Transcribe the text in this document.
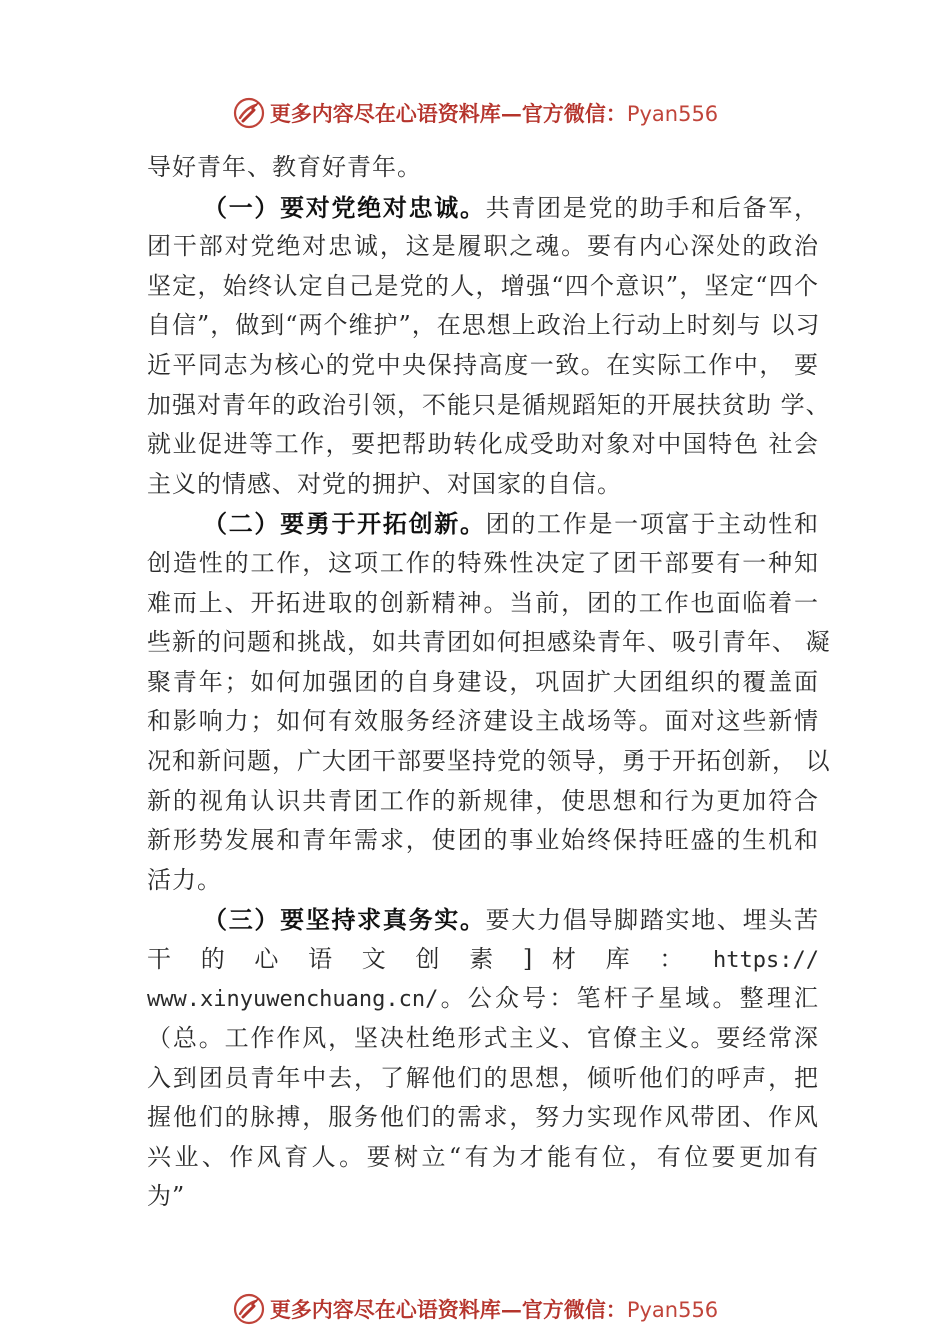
更多内容尽在心语资料库—官方微信：Pyan556
导好青年、教育好青年。
（一）要对党绝对忠诚。共青团是党的助手和后备军，
团干部对党绝对忠诚，这是履职之魂。要有内心深处的政治
坚定，始终认定自己是党的人，增强“四个意识”，坚定“四个
自信”，做到“两个维护”，在思想上政治上行动上时刻与 以习
近平同志为核心的党中央保持高度一致。在实际工作中， 要
加强对青年的政治引领，不能只是循规蹈矩的开展扶贫助 学、
就业促进等工作，要把帮助转化成受助对象对中国特色 社会
主义的情感、对党的拥护、对国家的自信。
（二）要勇于开拓创新。团的工作是一项富于主动性和
创造性的工作，这项工作的特殊性决定了团干部要有一种知
难而上、开拓进取的创新精神。当前，团的工作也面临着一
些新的问题和挑战，如共青团如何担感染青年、吸引青年、 凝
聚青年；如何加强团的自身建设，巩固扩大团组织的覆盖面
和影响力；如何有效服务经济建设主战场等。面对这些新情
况和新问题，广大团干部要坚持党的领导，勇于开拓创新， 以
新的视角认识共青团工作的新规律，使思想和行为更加符合
新形势发展和青年需求，使团的事业始终保持旺盛的生机和
活力。
（三）要坚持求真务实。要大力倡导脚踏实地、埋头苦
干 的 心 语 文 创 素 ] 材 库 ： https://
www.xinyuwenchuang.cn/。公众号：笔杆子星域。整理汇
（总。工作作风，坚决杜绝形式主义、官僚主义。要经常深
入到团员青年中去，了解他们的思想，倾听他们的呼声，把
握他们的脉搏，服务他们的需求，努力实现作风带团、作风
兴业、作风育人。要树立“有为才能有位，有位要更加有
为”
更多内容尽在心语资料库—官方微信：Pyan556
